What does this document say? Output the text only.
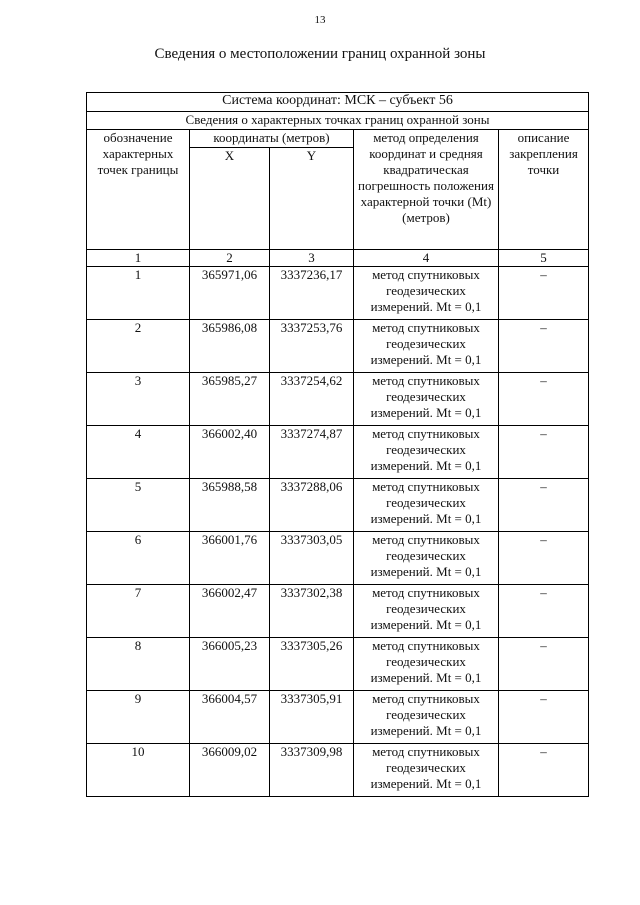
13
Сведения о местоположении границ охранной зоны
Система координат: МСК – субъект 56				
Сведения о характерных точках границ охранной зоны				
обозначение характерных точек границы	координаты (метров)		метод определения координат и средняя квадратическая погрешность положения характерной точки (Mt) (метров)	описание закрепления точки
	X	Y		
1	2	3	4	5
1	365971,06	3337236,17	метод спутниковых
геодезических
измерений. Mt = 0,1	–
2	365986,08	3337253,76	метод спутниковых
геодезических
измерений. Mt = 0,1	–
3	365985,27	3337254,62	метод спутниковых
геодезических
измерений. Mt = 0,1	–
4	366002,40	3337274,87	метод спутниковых
геодезических
измерений. Mt = 0,1	–
5	365988,58	3337288,06	метод спутниковых
геодезических
измерений. Mt = 0,1	–
6	366001,76	3337303,05	метод спутниковых
геодезических
измерений. Mt = 0,1	–
7	366002,47	3337302,38	метод спутниковых
геодезических
измерений. Mt = 0,1	–
8	366005,23	3337305,26	метод спутниковых
геодезических
измерений. Mt = 0,1	–
9	366004,57	3337305,91	метод спутниковых
геодезических
измерений. Mt = 0,1	–
10	366009,02	3337309,98	метод спутниковых
геодезических
измерений. Mt = 0,1	–
